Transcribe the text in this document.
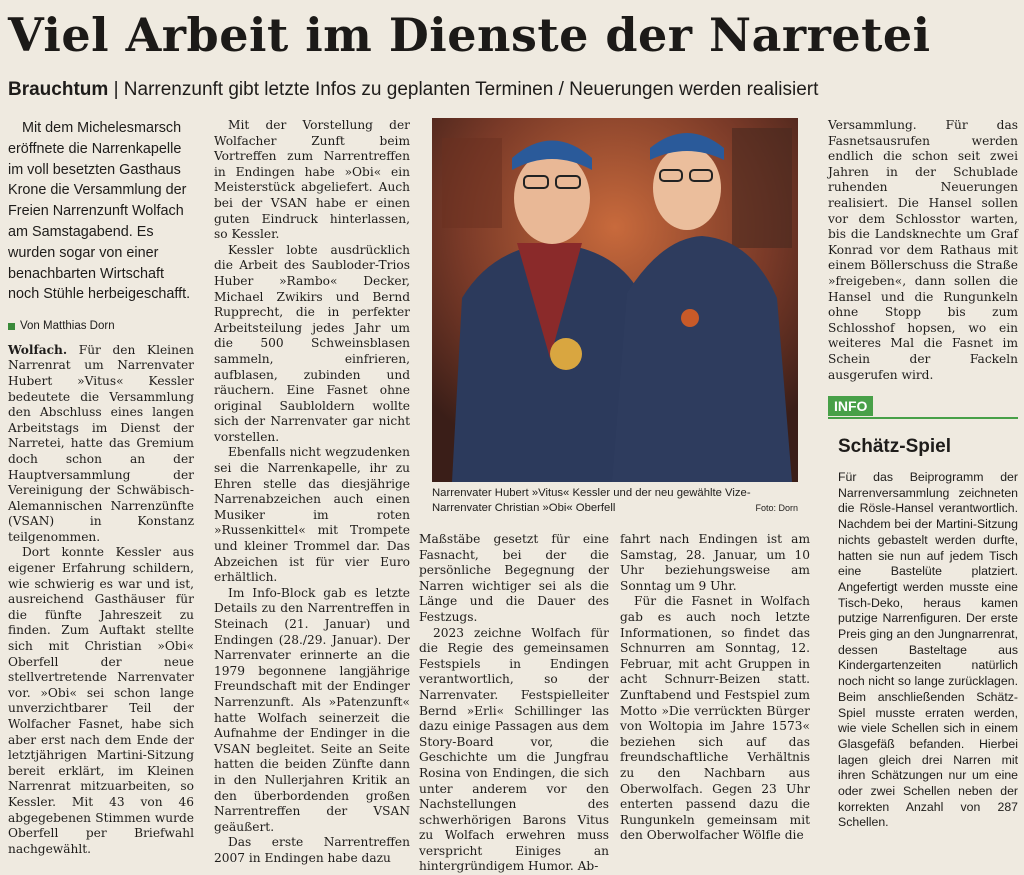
Viel Arbeit im Dienste der Narretei
Brauchtum | Narrenzunft gibt letzte Infos zu geplanten Terminen / Neuerungen werden realisiert

Mit dem Michelesmarsch eröffnete die Narrenkapelle im voll besetzten Gasthaus Krone die Versammlung der Freien Narrenzunft Wolfach am Samstagabend. Es wurden sogar von einer benachbarten Wirtschaft noch Stühle herbeigeschafft.

Von Matthias Dorn

Wolfach. Für den Kleinen Narrenrat um Narrenvater Hubert »Vitus« Kessler bedeutete die Versammlung den Abschluss eines langen Arbeitstags im Dienst der Narretei, hatte das Gremium doch schon an der Hauptversammlung der Vereinigung der Schwäbisch-Alemannischen Narrenzünfte (VSAN) in Konstanz teilgenommen.

Dort konnte Kessler aus eigener Erfahrung schildern, wie schwierig es war und ist, ausreichend Gasthäuser für die fünfte Jahreszeit zu finden. Zum Auftakt stellte sich mit Christian »Obi« Oberfell der neue stellvertretende Narrenvater vor. »Obi« sei schon lange unverzichtbarer Teil der Wolfacher Fasnet, habe sich aber erst nach dem Ende der letztjährigen Martini-Sitzung bereit erklärt, im Kleinen Narrenrat mitzuarbeiten, so Kessler. Mit 43 von 46 abgegebenen Stimmen wurde Oberfell per Briefwahl nachgewählt.

Mit der Vorstellung der Wolfacher Zunft beim Vortreffen zum Narrentreffen in Endingen habe »Obi« ein Meisterstück abgeliefert. Auch bei der VSAN habe er einen guten Eindruck hinterlassen, so Kessler.

Kessler lobte ausdrücklich die Arbeit des Saubloder-Trios Huber »Rambo« Decker, Michael Zwikirs und Bernd Rupprecht, die in perfekter Arbeitsteilung jedes Jahr um die 500 Schweinsblasen sammeln, einfrieren, aufblasen, zubinden und räuchern. Eine Fasnet ohne original Saubloldern wollte sich der Narrenvater gar nicht vorstellen.

Ebenfalls nicht wegzudenken sei die Narrenkapelle, ihr zu Ehren stelle das diesjährige Narrenabzeichen auch einen Musiker im roten »Russenkittel« mit Trompete und kleiner Trommel dar. Das Abzeichen ist für vier Euro erhältlich.

Im Info-Block gab es letzte Details zu den Narrentreffen in Steinach (21. Januar) und Endingen (28./29. Januar). Der Narrenvater erinnerte an die 1979 begonnene langjährige Freundschaft mit der Endinger Narrenzunft. Als »Patenzunft« hatte Wolfach seinerzeit die Aufnahme der Endinger in die VSAN begleitet. Seite an Seite hatten die beiden Zünfte dann in den Nullerjahren Kritik an den überbordenden großen Narrentreffen der VSAN geäußert.

Das erste Narrentreffen 2007 in Endingen habe dazu

Narrenvater Hubert »Vitus« Kessler und der neu gewählte Vize-Narrenvater Christian »Obi« Oberfell	Foto: Dorn

Maßstäbe gesetzt für eine Fasnacht, bei der die persönliche Begegnung der Narren wichtiger sei als die Länge und die Dauer des Festzugs.

2023 zeichne Wolfach für die Regie des gemeinsamen Festspiels in Endingen verantwortlich, so der Narrenvater. Festspielleiter Bernd »Erli« Schillinger las dazu einige Passagen aus dem Story-Board vor, die Geschichte um die Jungfrau Rosina von Endingen, die sich unter anderem vor den Nachstellungen des schwerhörigen Barons Vitus zu Wolfach erwehren muss verspricht Einiges an hintergründigem Humor. Ab-

fahrt nach Endingen ist am Samstag, 28. Januar, um 10 Uhr beziehungsweise am Sonntag um 9 Uhr.

Für die Fasnet in Wolfach gab es auch noch letzte Informationen, so findet das Schnurren am Sonntag, 12. Februar, mit acht Gruppen in acht Schnurr-Beizen statt. Zunftabend und Festspiel zum Motto »Die verrückten Bürger von Woltopia im Jahre 1573« beziehen sich auf das freundschaftliche Verhältnis zu den Nachbarn aus Oberwolfach. Gegen 23 Uhr enterten passend dazu die Rungunkeln gemeinsam mit den Oberwolfacher Wölfle die

Versammlung. Für das Fasnetsausrufen werden endlich die schon seit zwei Jahren in der Schublade ruhenden Neuerungen realisiert. Die Hansel sollen vor dem Schlosstor warten, bis die Landsknechte um Graf Konrad vor dem Rathaus mit einem Böllerschuss die Straße »freigeben«, dann sollen die Hansel und die Rungunkeln ohne Stopp bis zum Schlosshof hopsen, wo ein weiteres Mal die Fasnet im Schein der Fackeln ausgerufen wird.

INFO
Schätz-Spiel
Für das Beiprogramm der Narrenversammlung zeichneten die Rösle-Hansel verantwortlich. Nachdem bei der Martini-Sitzung nichts gebastelt werden durfte, hatten sie nun auf jedem Tisch eine Bastelüte platziert. Angefertigt werden musste eine Tisch-Deko, heraus kamen putzige Narrenfiguren. Der erste Preis ging an den Jungnarrenrat, dessen Basteltage aus Kindergartenzeiten natürlich noch nicht so lange zurücklagen. Beim anschließenden Schätz-Spiel musste erraten werden, wie viele Schellen sich in einem Glasgefäß befanden. Hierbei lagen gleich drei Narren mit ihren Schätzungen nur um eine oder zwei Schellen neben der korrekten Anzahl von 287 Schellen.
